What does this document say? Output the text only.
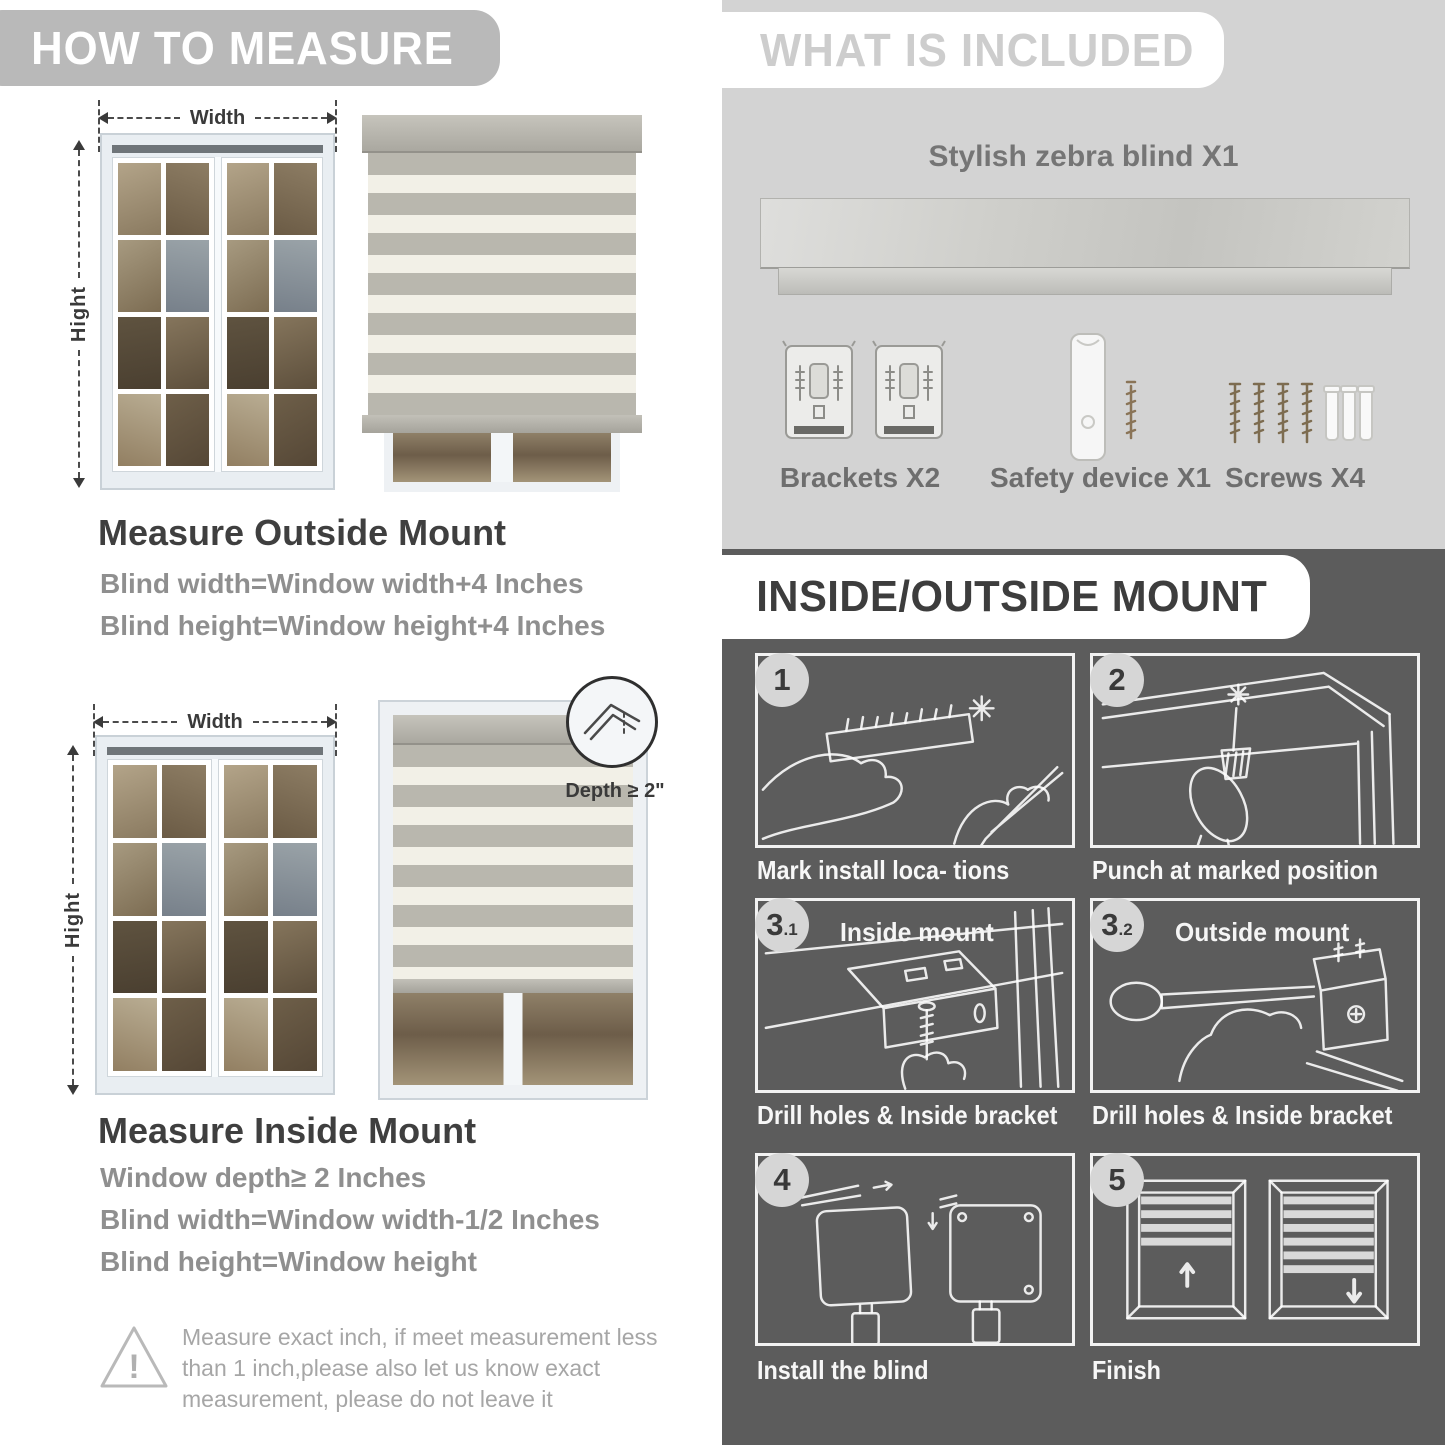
HOW TO MEASURE
Width
Hight
Measure Outside Mount
Blind width=Window width+4 Inches
Blind height=Window height+4 Inches
Width
Hight
Depth ≥ 2"
Measure Inside Mount
Window depth≥ 2 Inches
Blind width=Window width-1/2 Inches
Blind height=Window height
!
Measure exact inch, if meet measurement less than 1 inch,please also let us know exact measurement, please do not leave it
WHAT IS INCLUDED
Stylish zebra blind X1
Brackets X2	Safety device X1 Screws X4
INSIDE/OUTSIDE MOUNT
1
Mark install loca- tions
2
Punch at marked position
3 .1 Inside mount
Drill holes & Inside bracket
3 .2 Outside mount
Drill holes & Inside bracket
4
Install the blind
5
Finish
